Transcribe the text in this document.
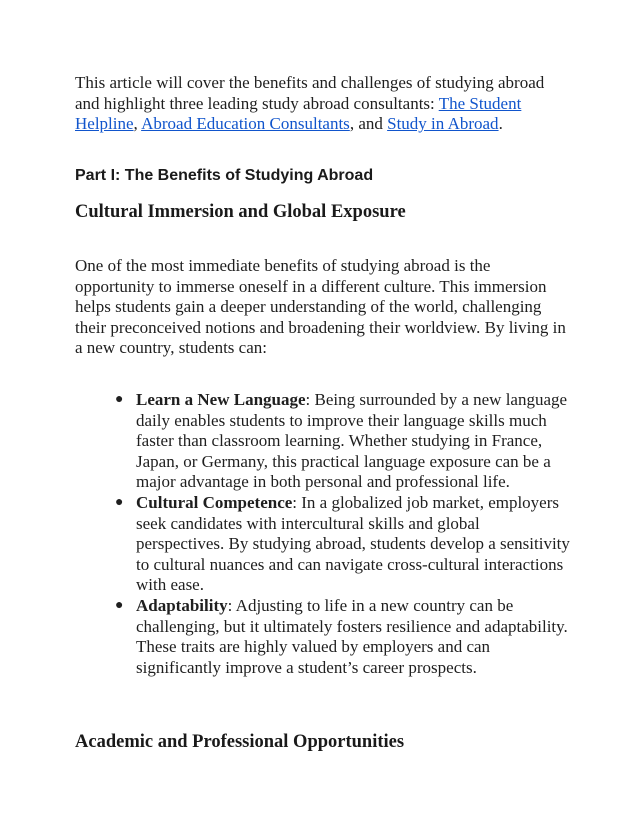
This article will cover the benefits and challenges of studying abroad and highlight three leading study abroad consultants: The Student Helpline, Abroad Education Consultants, and Study in Abroad.

Part I: The Benefits of Studying Abroad
Cultural Immersion and Global Exposure

One of the most immediate benefits of studying abroad is the opportunity to immerse oneself in a different culture. This immersion helps students gain a deeper understanding of the world, challenging their preconceived notions and broadening their worldview. By living in a new country, students can:

● Learn a New Language: Being surrounded by a new language daily enables students to improve their language skills much faster than classroom learning. Whether studying in France, Japan, or Germany, this practical language exposure can be a major advantage in both personal and professional life.
● Cultural Competence: In a globalized job market, employers seek candidates with intercultural skills and global perspectives. By studying abroad, students develop a sensitivity to cultural nuances and can navigate cross-cultural interactions with ease.
● Adaptability: Adjusting to life in a new country can be challenging, but it ultimately fosters resilience and adaptability. These traits are highly valued by employers and can significantly improve a student’s career prospects.
Academic and Professional Opportunities
